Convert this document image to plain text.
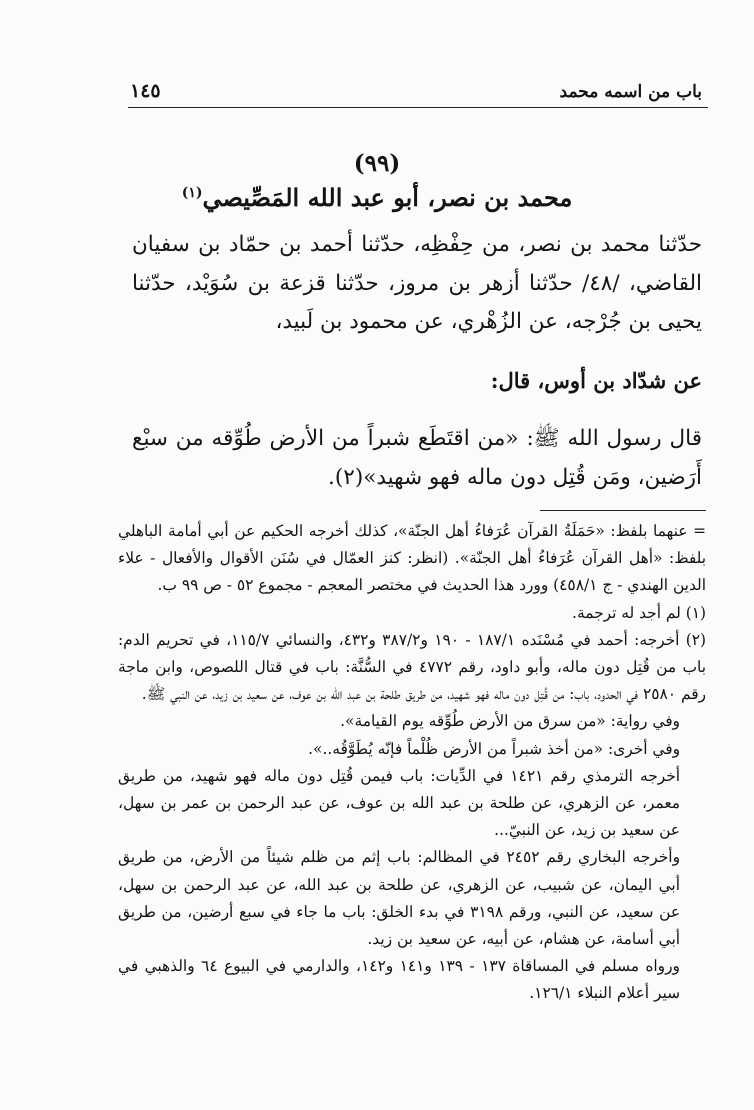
باب من اسمه محمد
١٤٥
(٩٩)
محمد بن نصر، أبو عبد الله المَصِّيصي$^{(١)}$
حدّثنا محمد بن نصر، من حِفْظِه، حدّثنا أحمد بن حمّاد بن سفيان القاضي، /٤٨/ حدّثنا أزهر بن مروز، حدّثنا قزعة بن سُوَيْد، حدّثنا يحيى بن جُرْجه، عن الزُهْري، عن محمود بن لَبيد،
عن شدّاد بن أوس، قال:
قال رسول الله ﷺ: «من اقتَطَع شبراً من الأرض طُوِّقه من سبْع أَرَضين، ومَن قُتِل دون ماله فهو شهيد»(٢).

= عنهما بلفظ: «حَمَلَةُ القرآن عُرَفاءُ أهل الجنّة»، كذلك أخرجه الحكيم عن أبي أمامة الباهلي بلفظ: «أهل القرآن عُرَفاءُ أهل الجنّة». (انظر: كنز العمّال في سُنَن الأقوال والأفعال - علاء الدين الهندي - ج ٤٥٨/١) وورد هذا الحديث في مختصر المعجم - مجموع ٥٢ - ص ٩٩ ب.

(١) لم أجد له ترجمة.

(٢) أخرجه: أحمد في مُسْنَده ١٨٧/١ - ١٩٠ و٣٨٧/٢ و٤٣٢، والنسائي ١١٥/٧، في تحريم الدم: باب من قُتِل دون ماله، وأبو داود، رقم ٤٧٧٢ في السُّنَّة: باب في قتال اللصوص، وابن ماجة رقم ٢٥٨٠ في الحدود، باب: من قُتِل دون ماله فهو شهيد، من طريق طلحة بن عبد الله بن عوف، عن سعيد بن زيد، عن النبي ﷺ.

وفي رواية: «من سرق من الأرض طُوِّقه يوم القيامة».

وفي أخرى: «من أخذ شبراً من الأرض ظُلْماً فإنّه يُطَوَّقُه..».

أخرجه الترمذي رقم ١٤٢١ في الدِّيات: باب فيمن قُتِل دون ماله فهو شهيد، من طريق معمر، عن الزهري، عن طلحة بن عبد الله بن عوف، عن عبد الرحمن بن عمر بن سهل، عن سعيد بن زيد، عن النبيّ...

وأخرجه البخاري رقم ٢٤٥٢ في المظالم: باب إثم من ظلم شيئاً من الأرض، من طريق أبي اليمان، عن شبيب، عن الزهري، عن طلحة بن عبد الله، عن عبد الرحمن بن سهل، عن سعيد، عن النبي، ورقم ٣١٩٨ في بدء الخلق: باب ما جاء في سبع أرضين، من طريق أبي أسامة، عن هشام، عن أبيه، عن سعيد بن زيد.

ورواه مسلم في المساقاة ١٣٧ - ١٣٩ و١٤١ و١٤٢، والدارمي في البيوع ٦٤ والذهبي في سير أعلام النبلاء ١٢٦/١.
